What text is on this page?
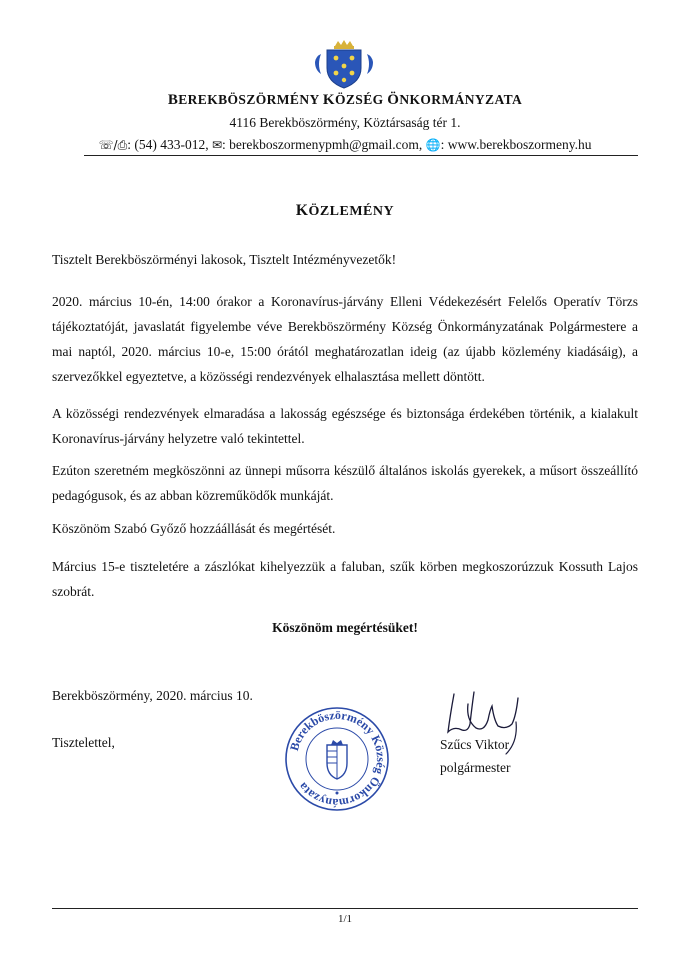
BEREKBÖSZÖRMÉNY KÖZSÉG ÖNKORMÁNYZATA
4116 Berekböszörmény, Köztársaság tér 1.
☏/⎙: (54) 433-012, ✉: berekboszormenypmh@gmail.com, 🌐: www.berekboszormeny.hu
KÖZLEMÉNY
Tisztelt Berekböszörményi lakosok, Tisztelt Intézményvezetők!
2020. március 10-én, 14:00 órakor a Koronavírus-járvány Elleni Védekezésért Felelős Operatív Törzs tájékoztatóját, javaslatát figyelembe véve Berekböszörmény Község Önkormányzatának Polgármestere a mai naptól, 2020. március 10-e, 15:00 órától meghatározatlan ideig (az újabb közlemény kiadásáig), a szervezőkkel egyeztetve, a közösségi rendezvények elhalasztása mellett döntött.
A közösségi rendezvények elmaradása a lakosság egészsége és biztonsága érdekében történik, a kialakult Koronavírus-járvány helyzetre való tekintettel.
Ezúton szeretném megköszönni az ünnepi műsorra készülő általános iskolás gyerekek, a műsort összeállító pedagógusok, és az abban közreműködők munkáját.
Köszönöm Szabó Győző hozzáállását és megértését.
Március 15-e tiszteletére a zászlókat kihelyezzük a faluban, szűk körben megkoszorúzzuk Kossuth Lajos szobrát.
Köszönöm megértésüket!
Berekböszörmény, 2020. március 10.
Tisztelettel,	Berekböszörmény Község Önkormányzata
Szűcs Viktor
polgármester
1/1
